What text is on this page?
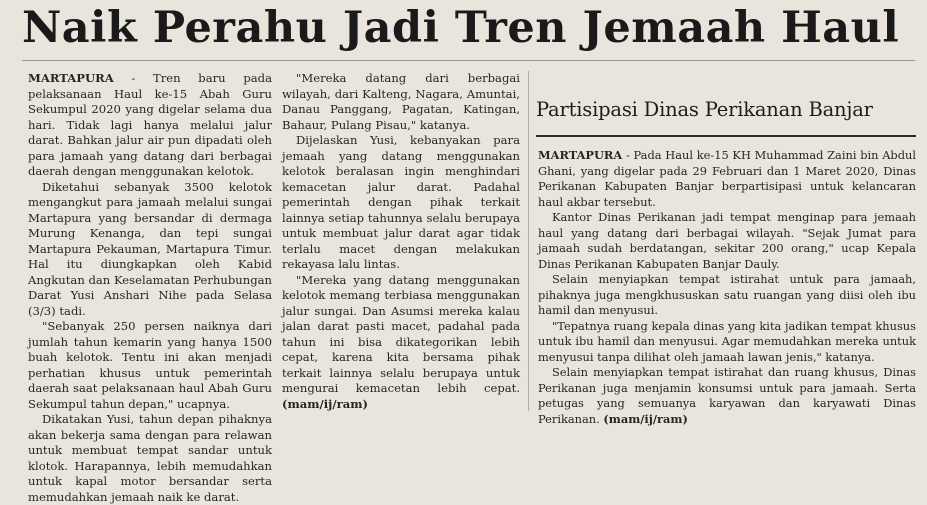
Naik Perahu Jadi Tren Jemaah Haul

MARTAPURA - Tren baru pada pelaksanaan Haul ke-15 Abah Guru Sekumpul 2020 yang digelar selama dua hari. Tidak lagi hanya melalui jalur darat. Bahkan jalur air pun dipadati oleh para jamaah yang datang dari berbagai daerah dengan menggunakan kelotok.

Diketahui sebanyak 3500 kelotok mengangkut para jamaah melalui sungai Martapura yang bersandar di dermaga Murung Kenanga, dan tepi sungai Martapura Pekauman, Martapura Timur. Hal itu diungkapkan oleh Kabid Angkutan dan Keselamatan Perhubungan Darat Yusi Anshari Nihe pada Selasa (3/3) tadi.

"Sebanyak 250 persen naiknya dari jumlah tahun kemarin yang hanya 1500 buah kelotok. Tentu ini akan menjadi perhatian khusus untuk pemerintah daerah saat pelaksanaan haul Abah Guru Sekumpul tahun depan," ucapnya.

Dikatakan Yusi, tahun depan pihaknya akan bekerja sama dengan para relawan untuk membuat tempat sandar untuk klotok. Harapannya, lebih memudahkan untuk kapal motor bersandar serta memudahkan jemaah naik ke darat.

"Mereka datang dari berbagai wilayah, dari Kalteng, Nagara, Amuntai, Danau Panggang, Pagatan, Katingan, Bahaur, Pulang Pisau," katanya.

Dijelaskan Yusi, kebanyakan para jemaah yang datang menggunakan kelotok beralasan ingin menghindari kemacetan jalur darat. Padahal pemerintah dengan pihak terkait lainnya setiap tahunnya selalu berupaya untuk membuat jalur darat agar tidak terlalu macet dengan melakukan rekayasa lalu lintas.

"Mereka yang datang menggunakan kelotok memang terbiasa menggunakan jalur sungai. Dan Asumsi mereka kalau jalan darat pasti macet, padahal pada tahun ini bisa dikategorikan lebih cepat, karena kita bersama pihak terkait lainnya selalu berupaya untuk mengurai kemacetan lebih cepat. (mam/ij/ram)

Partisipasi Dinas Perikanan Banjar

MARTAPURA - Pada Haul ke-15 KH Muhammad Zaini bin Abdul Ghani, yang digelar pada 29 Februari dan 1 Maret 2020, Dinas Perikanan Kabupaten Banjar berpartisipasi untuk kelancaran haul akbar tersebut.

Kantor Dinas Perikanan jadi tempat menginap para jemaah haul yang datang dari berbagai wilayah. "Sejak Jumat para jamaah sudah berdatangan, sekitar 200 orang," ucap Kepala Dinas Perikanan Kabupaten Banjar Dauly.

Selain menyiapkan tempat istirahat untuk para jamaah, pihaknya juga mengkhususkan satu ruangan yang diisi oleh ibu hamil dan menyusui.

"Tepatnya ruang kepala dinas yang kita jadikan tempat khusus untuk ibu hamil dan menyusui. Agar memudahkan mereka untuk menyusui tanpa dilihat oleh jamaah lawan jenis," katanya.

Selain menyiapkan tempat istirahat dan ruang khusus, Dinas Perikanan juga menjamin konsumsi untuk para jamaah. Serta petugas yang semuanya karyawan dan karyawati Dinas Perikanan. (mam/ij/ram)
